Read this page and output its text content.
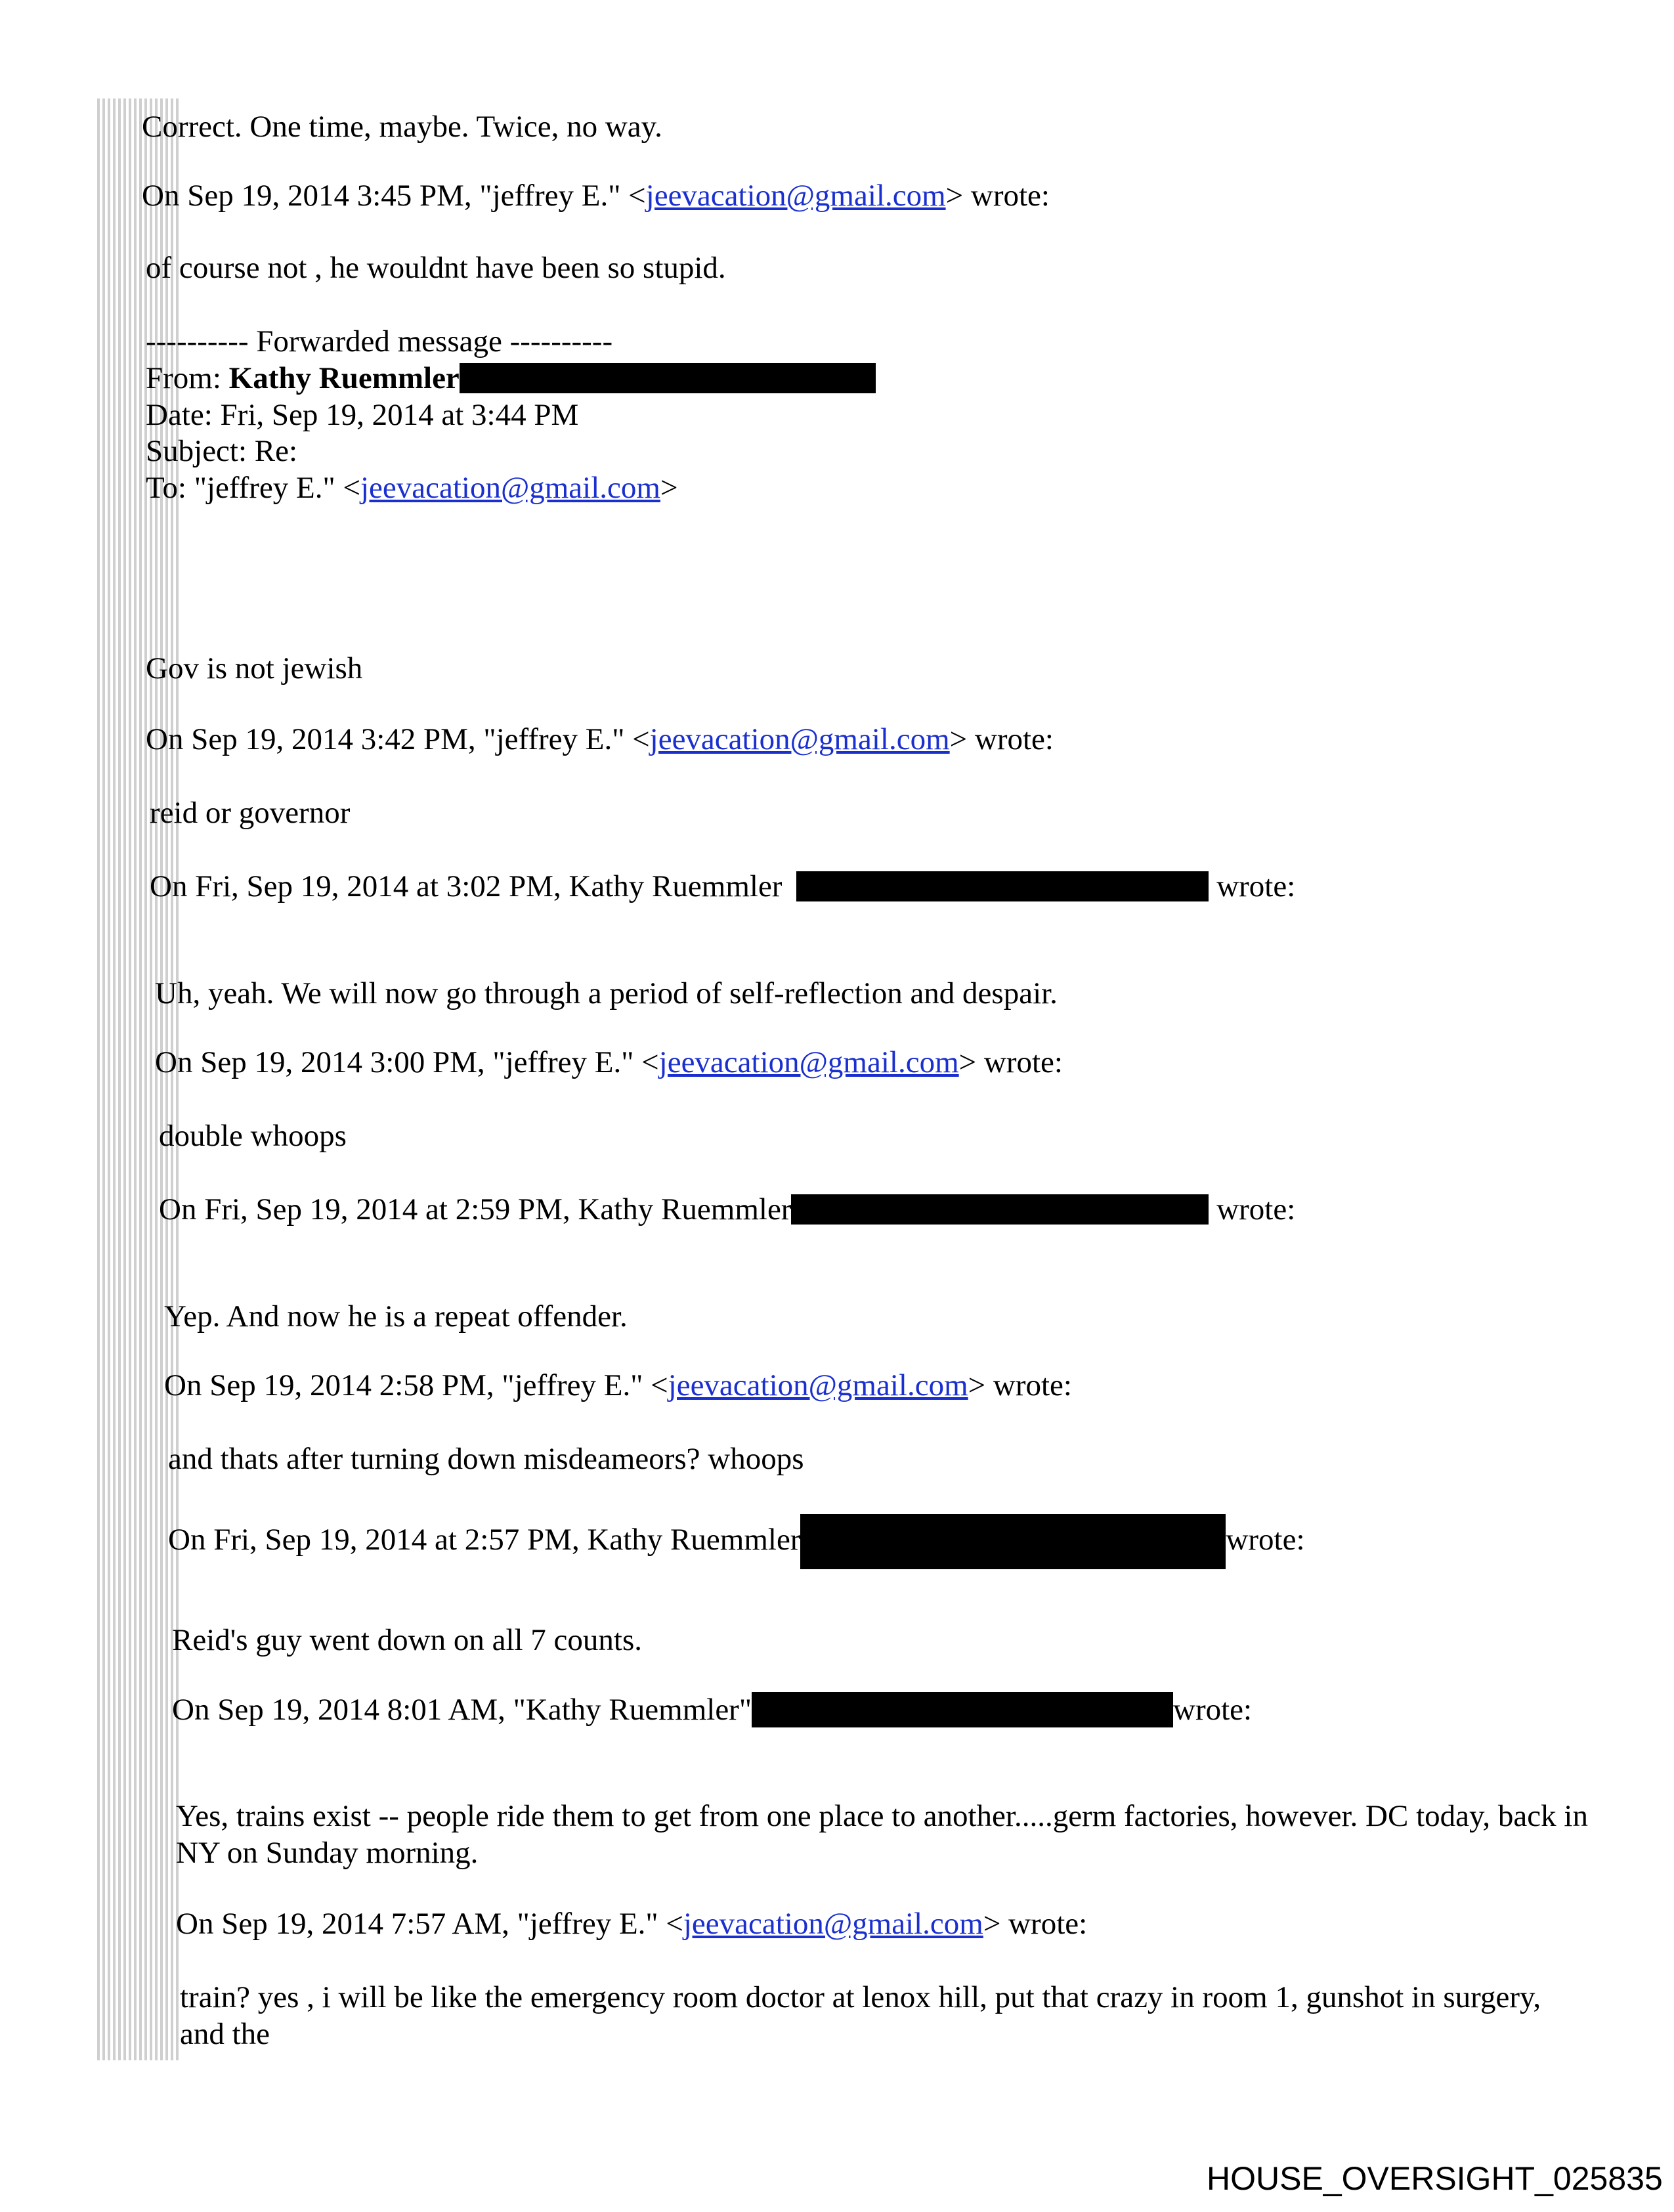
Correct. One time, maybe. Twice, no way.
On Sep 19, 2014 3:45 PM, "jeffrey E." <jeevacation@gmail.com> wrote:
of course not , he wouldnt have been so stupid.
---------- Forwarded message ----------
From: Kathy Ruemmler
Date: Fri, Sep 19, 2014 at 3:44 PM
Subject: Re:
To: "jeffrey E." <jeevacation@gmail.com>
Gov is not jewish
On Sep 19, 2014 3:42 PM, "jeffrey E." <jeevacation@gmail.com> wrote:
reid or governor
On Fri, Sep 19, 2014 at 3:02 PM, Kathy Ruemmler	wrote:
Uh, yeah. We will now go through a period of self-reflection and despair.
On Sep 19, 2014 3:00 PM, "jeffrey E." <jeevacation@gmail.com> wrote:
double whoops
On Fri, Sep 19, 2014 at 2:59 PM, Kathy Ruemmler	wrote:
Yep. And now he is a repeat offender.
On Sep 19, 2014 2:58 PM, "jeffrey E." <jeevacation@gmail.com> wrote:
and thats after turning down misdeameors? whoops
On Fri, Sep 19, 2014 at 2:57 PM, Kathy Ruemmler	wrote:
Reid's guy went down on all 7 counts.
On Sep 19, 2014 8:01 AM, "Kathy Ruemmler"	wrote:
Yes, trains exist -- people ride them to get from one place to another.....germ factories, however. DC today, back in NY on Sunday morning.
On Sep 19, 2014 7:57 AM, "jeffrey E." <jeevacation@gmail.com> wrote:
train? yes , i will be like the emergency room doctor at lenox hill, put that crazy in room 1, gunshot in surgery, and the
HOUSE_OVERSIGHT_025835
